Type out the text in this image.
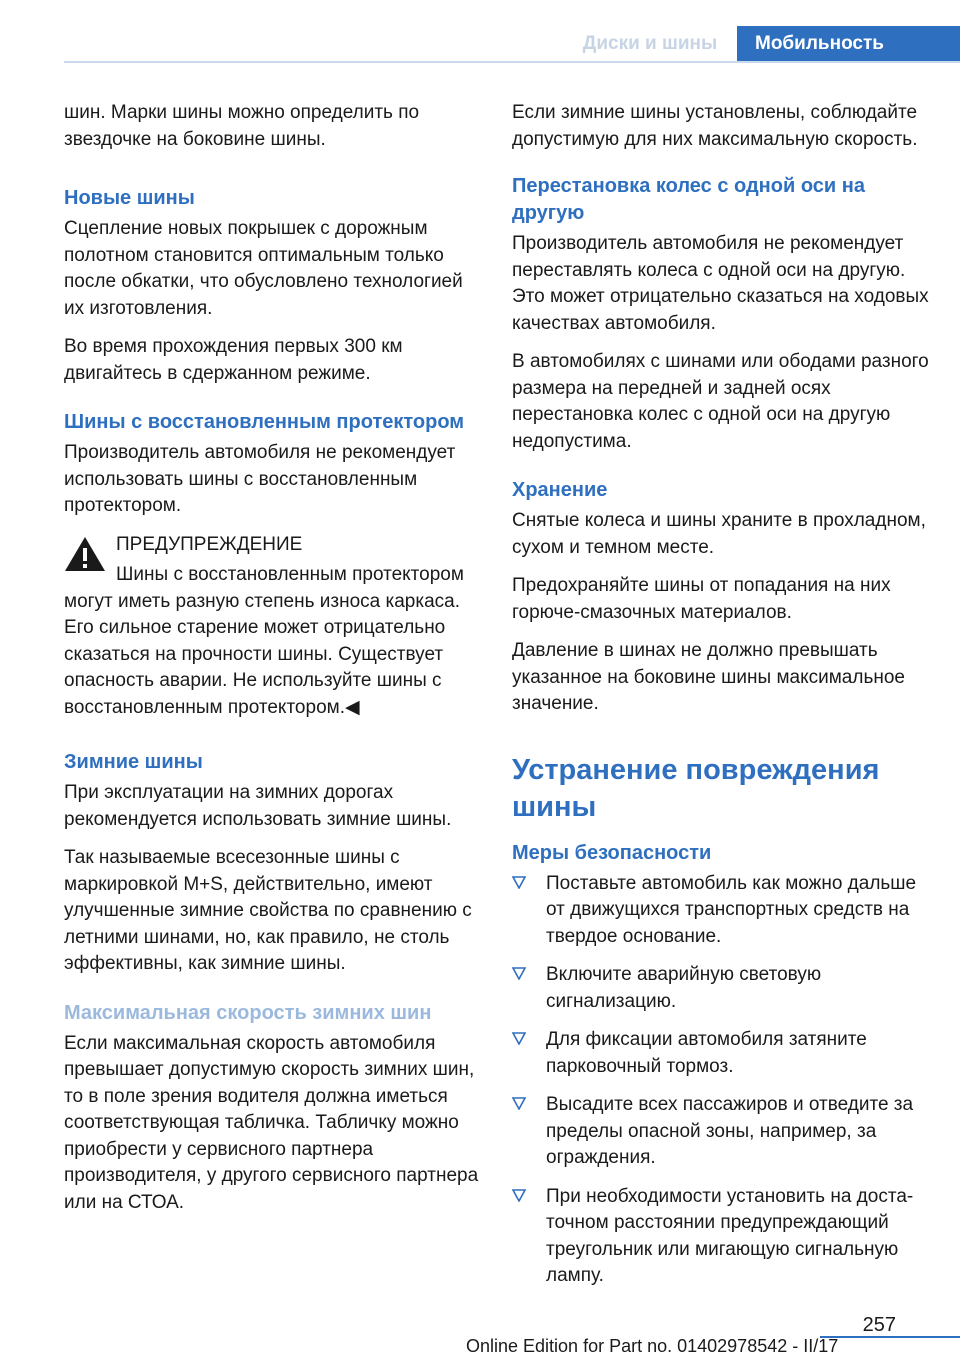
Диски и шины	Мобильность

шин. Марки шины можно определить по звездочке на боковине шины.

Новые шины

Сцепление новых покрышек с дорожным полотном становится оптимальным только после обкатки, что обусловлено технологией их изготовления.

Во время прохождения первых 300 км двигайтесь в сдержанном режиме.

Шины с восстановленным протектором

Производитель автомобиля не рекомендует использовать шины с восстановленным протектором.

ПРЕДУПРЕЖДЕНИЕ
Шины с восстановленным протектором

могут иметь разную степень износа каркаса. Его сильное старение может отрицательно сказаться на прочности шины. Существует опасность аварии. Не используйте шины с восстановленным протектором.◀

Зимние шины

При эксплуатации на зимних дорогах рекомендуется использовать зимние шины.

Так называемые всесезонные шины с маркировкой M+S, действительно, имеют улучшенные зимние свойства по сравнению с летними шинами, но, как правило, не столь эффективны, как зимние шины.

Максимальная скорость зимних шин

Если максимальная скорость автомобиля превышает допустимую скорость зимних шин, то в поле зрения водителя должна иметься соответствующая табличка. Табличку можно приобрести у сервисного партнера производителя, у другого сервисного партнера или на СТОА.

Если зимние шины установлены, соблюдайте допустимую для них максимальную скорость.

Перестановка колес с одной оси на другую

Производитель автомобиля не рекомендует переставлять колеса с одной оси на другую. Это может отрицательно сказаться на ходовых качествах автомобиля.

В автомобилях с шинами или ободами разного размера на передней и задней осях перестановка колес с одной оси на другую недопустима.

Хранение

Снятые колеса и шины храните в прохладном, сухом и темном месте.

Предохраняйте шины от попадания на них горюче-смазочных материалов.

Давление в шинах не должно превышать указанное на боковине шины максимальное значение.

Устранение повреждения шины
Меры безопасности
Поставьте автомобиль как можно дальше от движущихся транспортных средств на твердое основание.
Включите аварийную световую сигнализацию.
Для фиксации автомобиля затяните парковочный тормоз.
Высадите всех пассажиров и отведите за пределы опасной зоны, например, за ограждения.
При необходимости установить на достаточном расстоянии предупреждающий треугольник или мигающую сигнальную лампу.
257
Online Edition for Part no. 01402978542 - II/17
